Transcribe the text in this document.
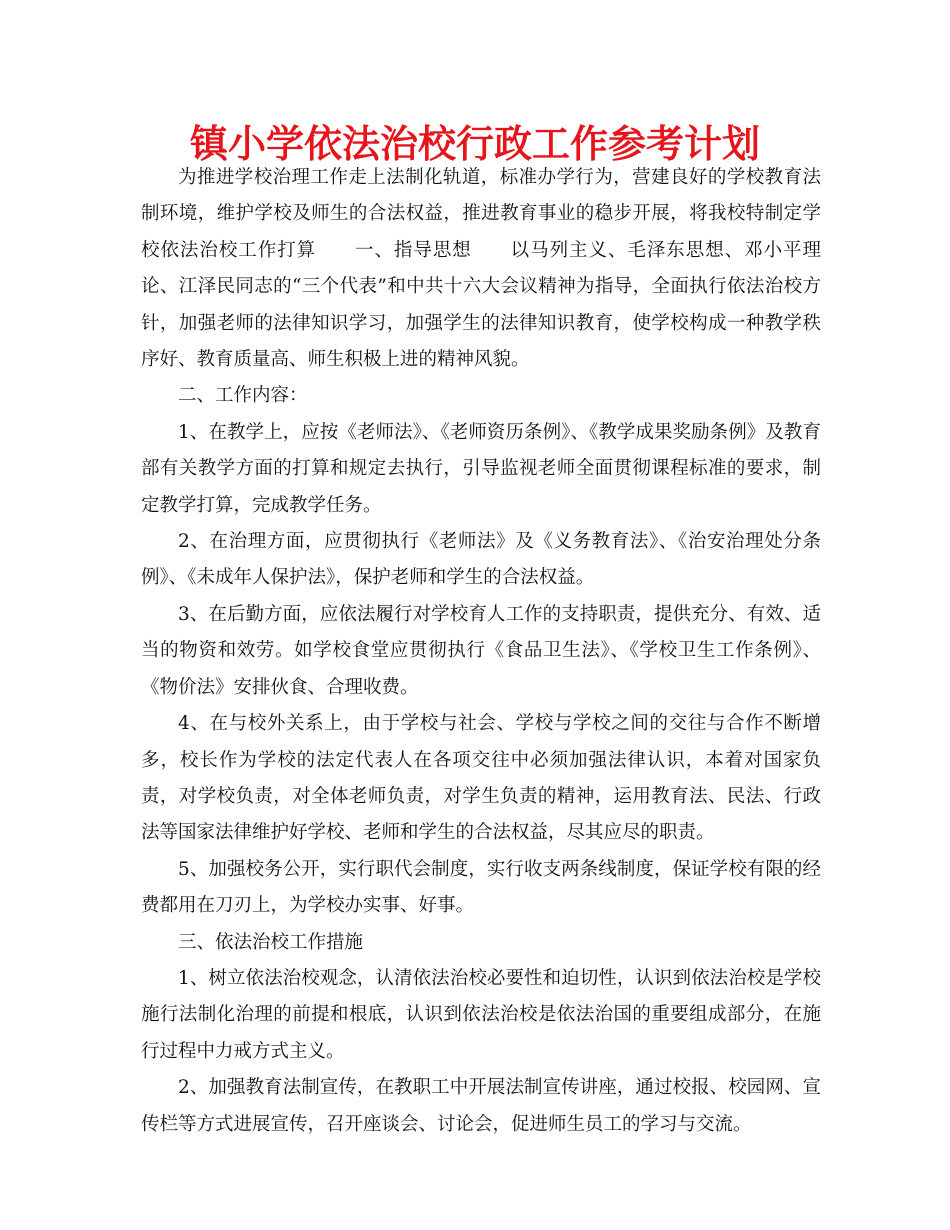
镇小学依法治校行政工作参考计划

为推进学校治理工作走上法制化轨道，标准办学行为，营建良好的学校教育法制环境，维护学校及师生的合法权益，推进教育事业的稳步开展，将我校特制定学校依法治校工作打算　　一、指导思想　　以马列主义、毛泽东思想、邓小平理论、江泽民同志的“三个代表”和中共十六大会议精神为指导，全面执行依法治校方针，加强老师的法律知识学习，加强学生的法律知识教育，使学校构成一种教学秩序好、教育质量高、师生积极上进的精神风貌。

二、工作内容：

1、在教学上，应按《老师法》、《老师资历条例》、《教学成果奖励条例》及教育部有关教学方面的打算和规定去执行，引导监视老师全面贯彻课程标准的要求，制定教学打算，完成教学任务。

2、在治理方面，应贯彻执行《老师法》及《义务教育法》、《治安治理处分条例》、《未成年人保护法》，保护老师和学生的合法权益。

3、在后勤方面，应依法履行对学校育人工作的支持职责，提供充分、有效、适当的物资和效劳。如学校食堂应贯彻执行《食品卫生法》、《学校卫生工作条例》、《物价法》安排伙食、合理收费。

4、在与校外关系上，由于学校与社会、学校与学校之间的交往与合作不断增多，校长作为学校的法定代表人在各项交往中必须加强法律认识，本着对国家负责，对学校负责，对全体老师负责，对学生负责的精神，运用教育法、民法、行政法等国家法律维护好学校、老师和学生的合法权益，尽其应尽的职责。

5、加强校务公开，实行职代会制度，实行收支两条线制度，保证学校有限的经费都用在刀刃上，为学校办实事、好事。

三、依法治校工作措施

1、树立依法治校观念，认清依法治校必要性和迫切性，认识到依法治校是学校施行法制化治理的前提和根底，认识到依法治校是依法治国的重要组成部分，在施行过程中力戒方式主义。

2、加强教育法制宣传，在教职工中开展法制宣传讲座，通过校报、校园网、宣传栏等方式进展宣传，召开座谈会、讨论会，促进师生员工的学习与交流。
